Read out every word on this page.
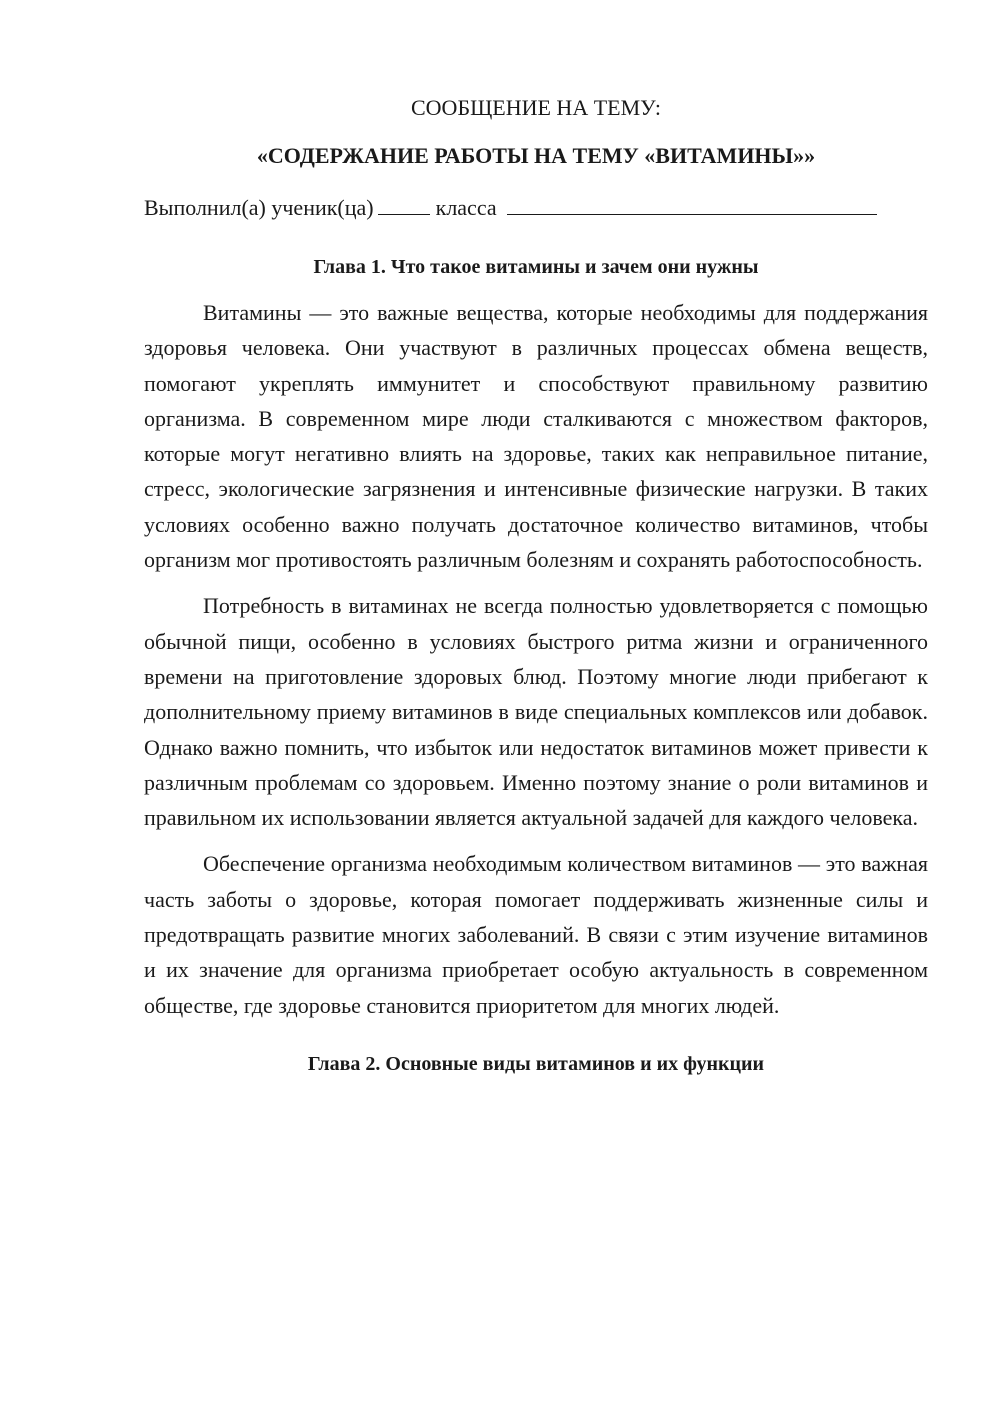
СООБЩЕНИЕ НА ТЕМУ:

«СОДЕРЖАНИЕ РАБОТЫ НА ТЕМУ «ВИТАМИНЫ»»

Выполнил(а) ученик(ца)	класса

Глава 1. Что такое витамины и зачем они нужны

Витамины — это важные вещества, которые необходимы для поддержания здоровья человека. Они участвуют в различных процессах обмена веществ, помогают укреплять иммунитет и способствуют правильному развитию организма. В современном мире люди сталкиваются с множеством факторов, которые могут негативно влиять на здоровье, таких как неправильное питание, стресс, экологические загрязнения и интенсивные физические нагрузки. В таких условиях особенно важно получать достаточное количество витаминов, чтобы организм мог противостоять различным болезням и сохранять работоспособность.

Потребность в витаминах не всегда полностью удовлетворяется с помощью обычной пищи, особенно в условиях быстрого ритма жизни и ограниченного времени на приготовление здоровых блюд. Поэтому многие люди прибегают к дополнительному приему витаминов в виде специальных комплексов или добавок. Однако важно помнить, что избыток или недостаток витаминов может привести к различным проблемам со здоровьем. Именно поэтому знание о роли витаминов и правильном их использовании является актуальной задачей для каждого человека.

Обеспечение организма необходимым количеством витаминов — это важная часть заботы о здоровье, которая помогает поддерживать жизненные силы и предотвращать развитие многих заболеваний. В связи с этим изучение витаминов и их значение для организма приобретает особую актуальность в современном обществе, где здоровье становится приоритетом для многих людей.

Глава 2. Основные виды витаминов и их функции
